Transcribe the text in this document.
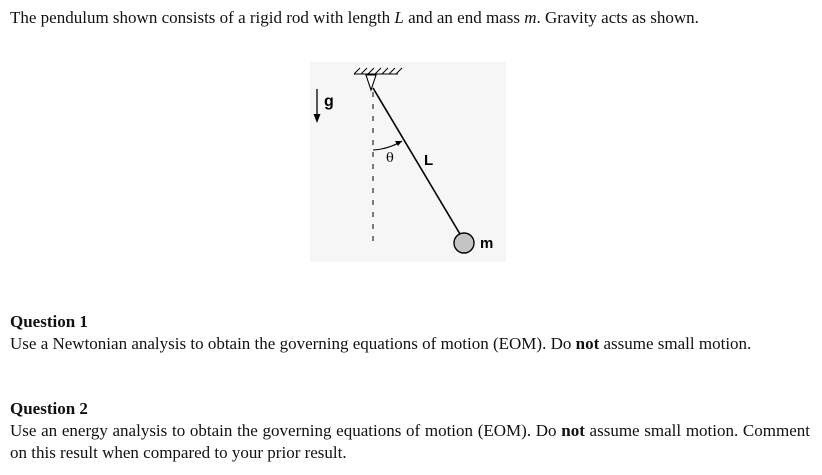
The pendulum shown consists of a rigid rod with length L and an end mass m. Gravity acts as shown.
θ L
m
g
Question 1
Use a Newtonian analysis to obtain the governing equations of motion (EOM). Do not assume small motion.
Question 2
Use an energy analysis to obtain the governing equations of motion (EOM). Do not assume small motion. Comment on this result when compared to your prior result.
